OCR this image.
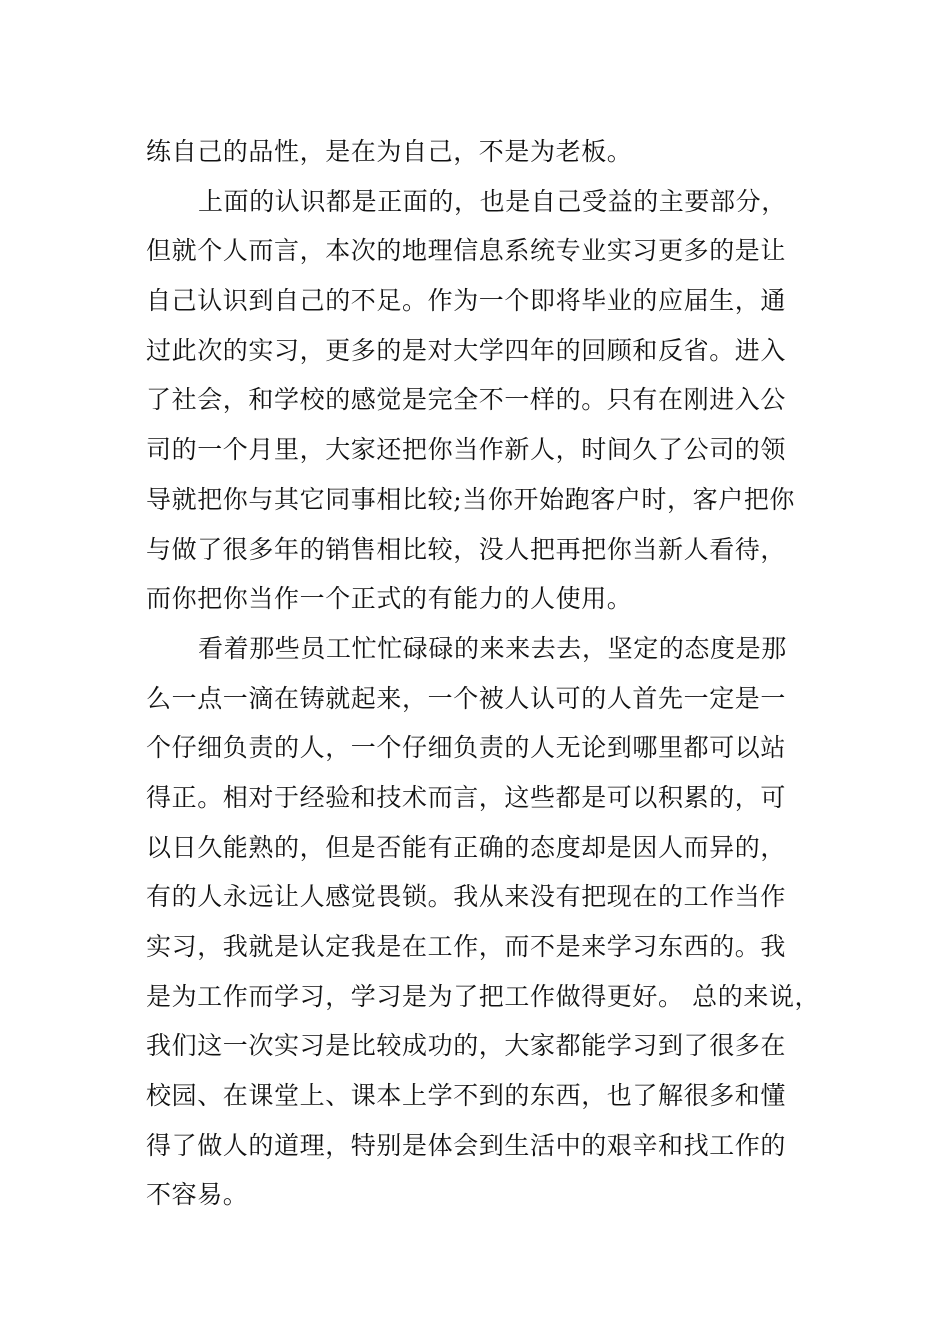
练自己的品性，是在为自己，不是为老板。
上面的认识都是正面的，也是自己受益的主要部分，
但就个人而言，本次的地理信息系统专业实习更多的是让
自己认识到自己的不足。作为一个即将毕业的应届生，通
过此次的实习，更多的是对大学四年的回顾和反省。进入
了社会，和学校的感觉是完全不一样的。只有在刚进入公
司的一个月里，大家还把你当作新人，时间久了公司的领
导就把你与其它同事相比较;当你开始跑客户时，客户把你
与做了很多年的销售相比较，没人把再把你当新人看待，
而你把你当作一个正式的有能力的人使用。
看着那些员工忙忙碌碌的来来去去，坚定的态度是那
么一点一滴在铸就起来，一个被人认可的人首先一定是一
个仔细负责的人，一个仔细负责的人无论到哪里都可以站
得正。相对于经验和技术而言，这些都是可以积累的，可
以日久能熟的，但是否能有正确的态度却是因人而异的，
有的人永远让人感觉畏锁。我从来没有把现在的工作当作
实习，我就是认定我是在工作，而不是来学习东西的。我
是为工作而学习，学习是为了把工作做得更好。 总的来说，
我们这一次实习是比较成功的，大家都能学习到了很多在
校园、在课堂上、课本上学不到的东西，也了解很多和懂
得了做人的道理，特别是体会到生活中的艰辛和找工作的
不容易。
